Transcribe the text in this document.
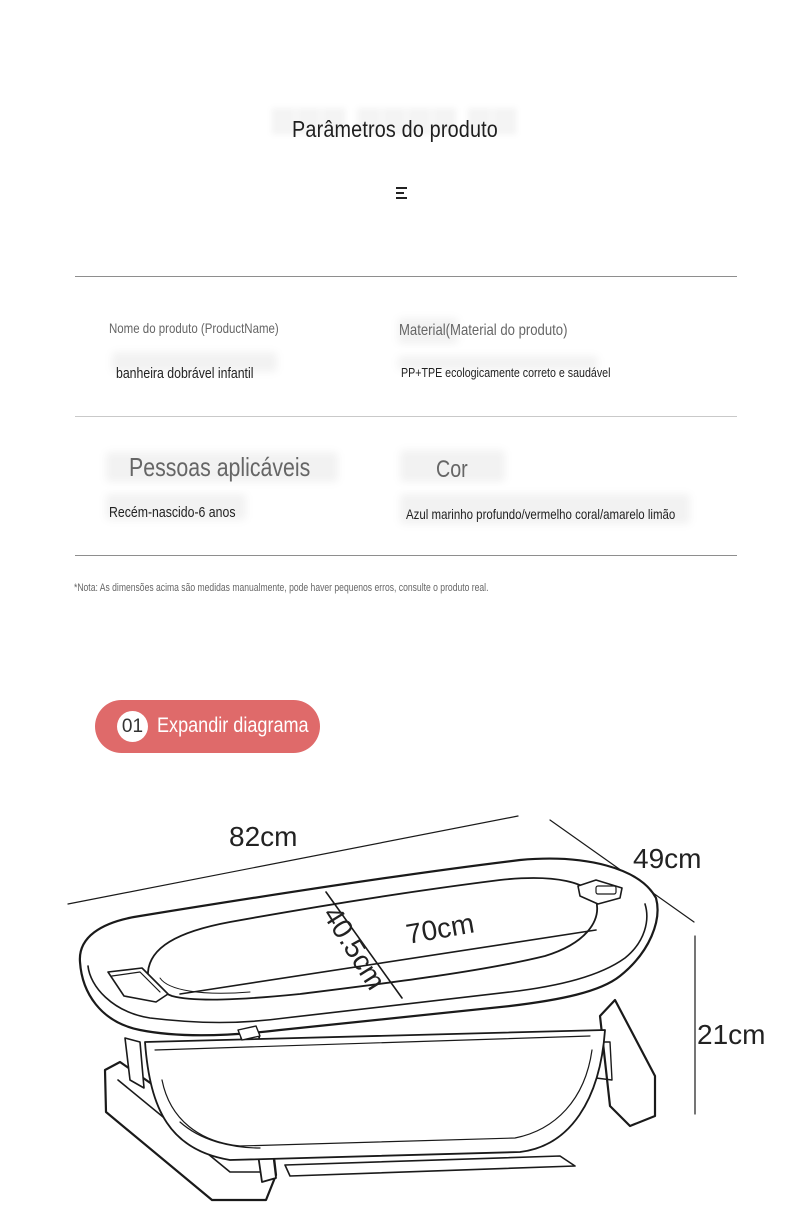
Parâmetros do produto
Nome do produto (ProductName)
banheira dobrável infantil
Material(Material do produto)
PP+TPE ecologicamente correto e saudável
Pessoas aplicáveis
Recém-nascido-6 anos
Cor
Azul marinho profundo/vermelho coral/amarelo limão
*Nota: As dimensões acima são medidas manualmente, pode haver pequenos erros, consulte o produto real.
01 Expandir diagrama
82cm
49cm
21cm
70cm
40.5cm
